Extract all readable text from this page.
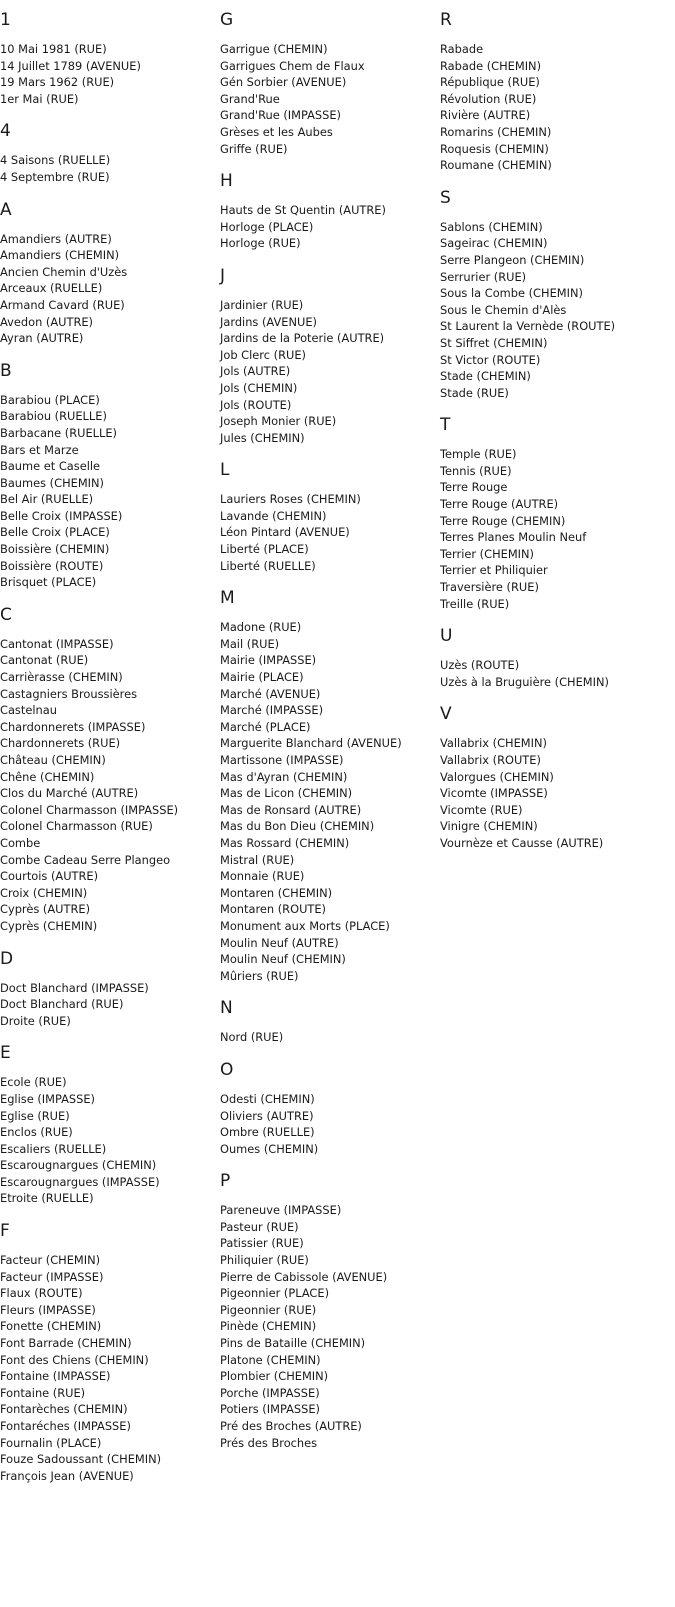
1
10 Mai 1981 (RUE)
14 Juillet 1789 (AVENUE)
19 Mars 1962 (RUE)
1er Mai (RUE)
4
4 Saisons (RUELLE)
4 Septembre (RUE)
A
Amandiers (AUTRE)
Amandiers (CHEMIN)
Ancien Chemin d'Uzès
Arceaux (RUELLE)
Armand Cavard (RUE)
Avedon (AUTRE)
Ayran (AUTRE)
B
Barabiou (PLACE)
Barabiou (RUELLE)
Barbacane (RUELLE)
Bars et Marze
Baume et Caselle
Baumes (CHEMIN)
Bel Air (RUELLE)
Belle Croix (IMPASSE)
Belle Croix (PLACE)
Boissière (CHEMIN)
Boissière (ROUTE)
Brisquet (PLACE)
C
Cantonat (IMPASSE)
Cantonat (RUE)
Carrièrasse (CHEMIN)
Castagniers Broussières
Castelnau
Chardonnerets (IMPASSE)
Chardonnerets (RUE)
Château (CHEMIN)
Chêne (CHEMIN)
Clos du Marché (AUTRE)
Colonel Charmasson (IMPASSE)
Colonel Charmasson (RUE)
Combe
Combe Cadeau Serre Plangeo
Courtois (AUTRE)
Croix (CHEMIN)
Cyprès (AUTRE)
Cyprès (CHEMIN)
D
Doct Blanchard (IMPASSE)
Doct Blanchard (RUE)
Droite (RUE)
E
Ecole (RUE)
Eglise (IMPASSE)
Eglise (RUE)
Enclos (RUE)
Escaliers (RUELLE)
Escarougnargues (CHEMIN)
Escarougnargues (IMPASSE)
Etroite (RUELLE)
F
Facteur (CHEMIN)
Facteur (IMPASSE)
Flaux (ROUTE)
Fleurs (IMPASSE)
Fonette (CHEMIN)
Font Barrade (CHEMIN)
Font des Chiens (CHEMIN)
Fontaine (IMPASSE)
Fontaine (RUE)
Fontarèches (CHEMIN)
Fontaréches (IMPASSE)
Fournalin (PLACE)
Fouze Sadoussant (CHEMIN)
François Jean (AVENUE)
G
Garrigue (CHEMIN)
Garrigues Chem de Flaux
Gén Sorbier (AVENUE)
Grand'Rue
Grand'Rue (IMPASSE)
Grèses et les Aubes
Griffe (RUE)
H
Hauts de St Quentin (AUTRE)
Horloge (PLACE)
Horloge (RUE)
J
Jardinier (RUE)
Jardins (AVENUE)
Jardins de la Poterie (AUTRE)
Job Clerc (RUE)
Jols (AUTRE)
Jols (CHEMIN)
Jols (ROUTE)
Joseph Monier (RUE)
Jules (CHEMIN)
L
Lauriers Roses (CHEMIN)
Lavande (CHEMIN)
Léon Pintard (AVENUE)
Liberté (PLACE)
Liberté (RUELLE)
M
Madone (RUE)
Mail (RUE)
Mairie (IMPASSE)
Mairie (PLACE)
Marché (AVENUE)
Marché (IMPASSE)
Marché (PLACE)
Marguerite Blanchard (AVENUE)
Martissone (IMPASSE)
Mas d'Ayran (CHEMIN)
Mas de Licon (CHEMIN)
Mas de Ronsard (AUTRE)
Mas du Bon Dieu (CHEMIN)
Mas Rossard (CHEMIN)
Mistral (RUE)
Monnaie (RUE)
Montaren (CHEMIN)
Montaren (ROUTE)
Monument aux Morts (PLACE)
Moulin Neuf (AUTRE)
Moulin Neuf (CHEMIN)
Mûriers (RUE)
N
Nord (RUE)
O
Odesti (CHEMIN)
Oliviers (AUTRE)
Ombre (RUELLE)
Oumes (CHEMIN)
P
Pareneuve (IMPASSE)
Pasteur (RUE)
Patissier (RUE)
Philiquier (RUE)
Pierre de Cabissole (AVENUE)
Pigeonnier (PLACE)
Pigeonnier (RUE)
Pinède (CHEMIN)
Pins de Bataille (CHEMIN)
Platone (CHEMIN)
Plombier (CHEMIN)
Porche (IMPASSE)
Potiers (IMPASSE)
Pré des Broches (AUTRE)
Prés des Broches
R
Rabade
Rabade (CHEMIN)
République (RUE)
Révolution (RUE)
Rivière (AUTRE)
Romarins (CHEMIN)
Roquesis (CHEMIN)
Roumane (CHEMIN)
S
Sablons (CHEMIN)
Sageirac (CHEMIN)
Serre Plangeon (CHEMIN)
Serrurier (RUE)
Sous la Combe (CHEMIN)
Sous le Chemin d'Alès
St Laurent la Vernède (ROUTE)
St Siffret (CHEMIN)
St Victor (ROUTE)
Stade (CHEMIN)
Stade (RUE)
T
Temple (RUE)
Tennis (RUE)
Terre Rouge
Terre Rouge (AUTRE)
Terre Rouge (CHEMIN)
Terres Planes Moulin Neuf
Terrier (CHEMIN)
Terrier et Philiquier
Traversière (RUE)
Treille (RUE)
U
Uzès (ROUTE)
Uzès à la Bruguière (CHEMIN)
V
Vallabrix (CHEMIN)
Vallabrix (ROUTE)
Valorgues (CHEMIN)
Vicomte (IMPASSE)
Vicomte (RUE)
Vinigre (CHEMIN)
Vournèze et Causse (AUTRE)
